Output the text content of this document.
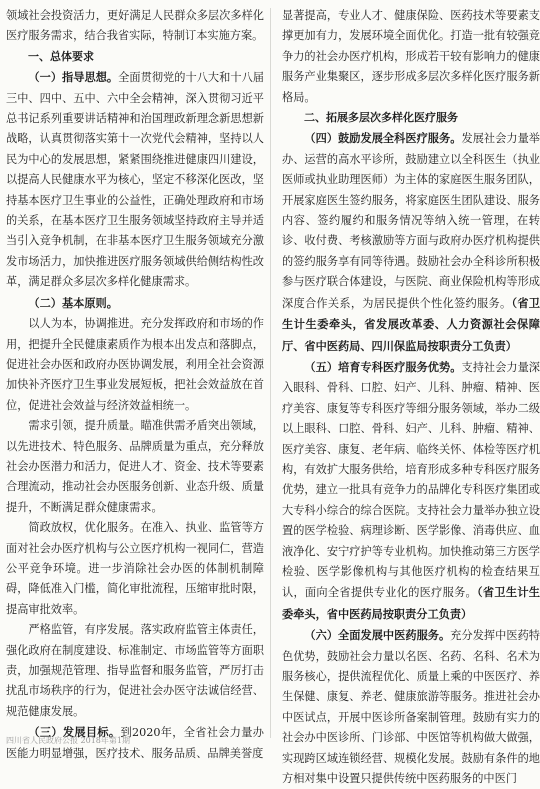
领域社会投资活力，更好满足人民群众多层次多样化医疗服务需求，结合我省实际，特制订本实施方案。

一、总体要求

（一）指导思想。全面贯彻党的十八大和十八届三中、四中、五中、六中全会精神，深入贯彻习近平总书记系列重要讲话精神和治国理政新理念新思想新战略，认真贯彻落实第十一次党代会精神，坚持以人民为中心的发展思想，紧紧围绕推进健康四川建设，以提高人民健康水平为核心，坚定不移深化医改，坚持基本医疗卫生事业的公益性，正确处理政府和市场的关系，在基本医疗卫生服务领域坚持政府主导并适当引入竞争机制，在非基本医疗卫生服务领域充分激发市场活力，加快推进医疗服务领域供给侧结构性改革，满足群众多层次多样化健康需求。

（二）基本原则。

以人为本，协调推进。充分发挥政府和市场的作用，把提升全民健康素质作为根本出发点和落脚点，促进社会办医和政府办医协调发展，利用全社会资源加快补齐医疗卫生事业发展短板，把社会效益放在首位，促进社会效益与经济效益相统一。

需求引领，提升质量。瞄准供需矛盾突出领域，以先进技术、特色服务、品牌质量为重点，充分释放社会办医潜力和活力，促进人才、资金、技术等要素合理流动，推动社会办医服务创新、业态升级、质量提升，不断满足群众健康需求。

简政放权，优化服务。在准入、执业、监管等方面对社会办医疗机构与公立医疗机构一视同仁，营造公平竞争环境。进一步消除社会办医的体制机制障碍，降低准入门槛，简化审批流程，压缩审批时限，提高审批效率。

严格监管，有序发展。落实政府监管主体责任，强化政府在制度建设、标准制定、市场监管等方面职责，加强规范管理、指导监督和服务监管，严厉打击扰乱市场秩序的行为，促进社会办医守法诚信经营、规范健康发展。

（三）发展目标。到2020年，全省社会力量办医能力明显增强，医疗技术、服务品质、品牌美誉度

显著提高，专业人才、健康保险、医药技术等要素支撑更加有力，发展环境全面优化。打造一批有较强竞争力的社会办医疗机构，形成若干较有影响力的健康服务产业集聚区，逐步形成多层次多样化医疗服务新格局。

二、拓展多层次多样化医疗服务

（四）鼓励发展全科医疗服务。发展社会力量举办、运营的高水平诊所，鼓励建立以全科医生（执业医师或执业助理医师）为主体的家庭医生服务团队，开展家庭医生签约服务，将家庭医生团队建设、服务内容、签约履约和服务情况等纳入统一管理，在转诊、收付费、考核激励等方面与政府办医疗机构提供的签约服务享有同等待遇。鼓励社会办全科诊所积极参与医疗联合体建设，与医院、商业保险机构等形成深度合作关系，为居民提供个性化签约服务。（省卫生计生委牵头，省发展改革委、人力资源社会保障厅、省中医药局、四川保监局按职责分工负责）

（五）培育专科医疗服务优势。支持社会力量深入眼科、骨科、口腔、妇产、儿科、肿瘤、精神、医疗美容、康复等专科医疗等细分服务领域，举办二级以上眼科、口腔、骨科、妇产、儿科、肿瘤、精神、医疗美容、康复、老年病、临终关怀、体检等医疗机构，有效扩大服务供给，培育形成多种专科医疗服务优势，建立一批具有竞争力的品牌化专科医疗集团或大专科小综合的综合医院。支持社会力量举办独立设置的医学检验、病理诊断、医学影像、消毒供应、血液净化、安宁疗护等专业机构。加快推动第三方医学检验、医学影像机构与其他医疗机构的检查结果互认，面向全省提供专业化的医疗服务。（省卫生计生委牵头，省中医药局按职责分工负责）

（六）全面发展中医药服务。充分发挥中医药特色优势，鼓励社会力量以名医、名药、名科、名术为服务核心，提供流程优化、质量上乘的中医医疗、养生保健、康复、养老、健康旅游等服务。推进社会办中医试点，开展中医诊所备案制管理。鼓励有实力的社会办中医诊所、门诊部、中医馆等机构做大做强，实现跨区域连锁经营、规模化发展。鼓励有条件的地方相对集中设置只提供传统中医药服务的中医门

四川省人民政府公报 2018年第1期
